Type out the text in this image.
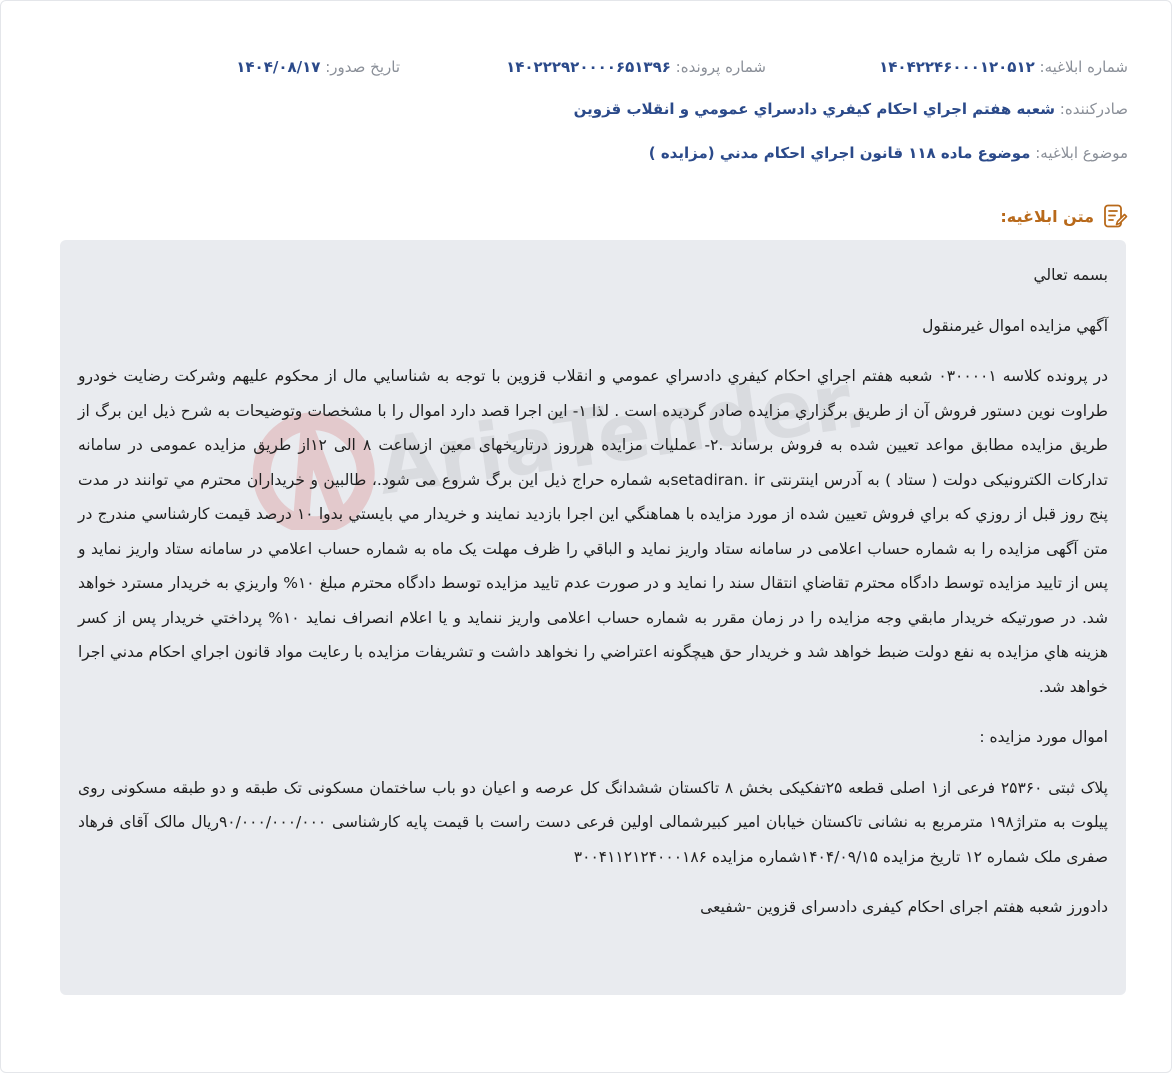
شماره ابلاغیه: ۱۴۰۴۲۲۴۶۰۰۰۱۲۰۵۱۲
شماره پرونده: ۱۴۰۲۲۲۹۲۰۰۰۰۶۵۱۳۹۶
تاریخ صدور: ۱۴۰۴/۰۸/۱۷
صادرکننده: شعبه هفتم اجراي احكام كيفري دادسراي عمومي و انقلاب قزوين
موضوع ابلاغیه: موضوع ماده ۱۱۸ قانون اجراي احكام مدني (مزايده )
متن ابلاغیه:
AriaTender.net

بسمه تعالي

آگهي مزايده اموال غيرمنقول

در پرونده کلاسه ۰۳۰۰۰۰۱ شعبه هفتم اجراي احكام كيفري دادسراي عمومي و انقلاب قزوين با توجه به شناسايي مال از محکوم علیهم وشرکت رضایت خودرو طراوت نوین دستور فروش آن از طريق برگزاري مزايده صادر گرديده است . لذا ۱- این اجرا قصد دارد اموال را با مشخصات وتوضیحات به شرح ذيل اين برگ از طريق مزايده مطابق مواعد تعيين شده به فروش برساند .۲- عملیات مزایده هرروز درتاریخهای معین ازساعت ۸ الی ۱۲از طریق مزایده عمومی در سامانه تدارکات الکترونیکی دولت ( ستاد ) به آدرس اینترنتی setadiran. irبه شماره حراج ذيل اين برگ شروع می شود.، طالبين و خريداران محترم مي توانند در مدت پنج روز قبل از روزي كه براي فروش تعيين شده از مورد مزايده با هماهنگي اين اجرا بازديد نمايند و خريدار مي بايستي بدوا ۱۰ درصد قيمت كارشناسي مندرج در متن آگهی مزایده را به شماره حساب اعلامی در سامانه ستاد واریز نماید و الباقي را ظرف مهلت يک ماه به شماره حساب اعلامي در سامانه ستاد واریز نماید و پس از تاييد مزايده توسط دادگاه محترم تقاضاي انتقال سند را نمايد و در صورت عدم تاييد مزايده توسط دادگاه محترم مبلغ ۱۰% واريزي به خريدار مسترد خواهد شد. در صورتيكه خريدار مابقي وجه مزايده را در زمان مقرر به شماره حساب اعلامی واريز ننمايد و يا اعلام انصراف نمايد ۱۰% پرداختي خريدار پس از كسر هزينه هاي مزايده به نفع دولت ضبط خواهد شد و خريدار حق هيچگونه اعتراضي را نخواهد داشت و تشريفات مزايده با رعايت مواد قانون اجراي احكام مدني اجرا خواهد شد.

اموال مورد مزايده :

پلاک ثبتی ۲۵۳۶۰ فرعی از۱ اصلی قطعه ۲۵تفکیکی بخش ۸ تاکستان ششدانگ کل عرصه و اعیان دو باب ساختمان مسکونی تک طبقه و دو طبقه مسکونی روی پیلوت به متراژ۱۹۸ مترمربع به نشانی تاکستان خیابان امیر کبیرشمالی اولین فرعی دست راست با قیمت پایه کارشناسی ۹۰/۰۰۰/۰۰۰/۰۰۰ریال مالک آقای فرهاد صفری ملک شماره ۱۲ تاریخ مزایده ۱۴۰۴/۰۹/۱۵شماره مزایده ۳۰۰۴۱۱۲۱۲۴۰۰۰۱۸۶

دادورز شعبه هفتم اجرای احکام کیفری دادسرای قزوین -شفیعی
